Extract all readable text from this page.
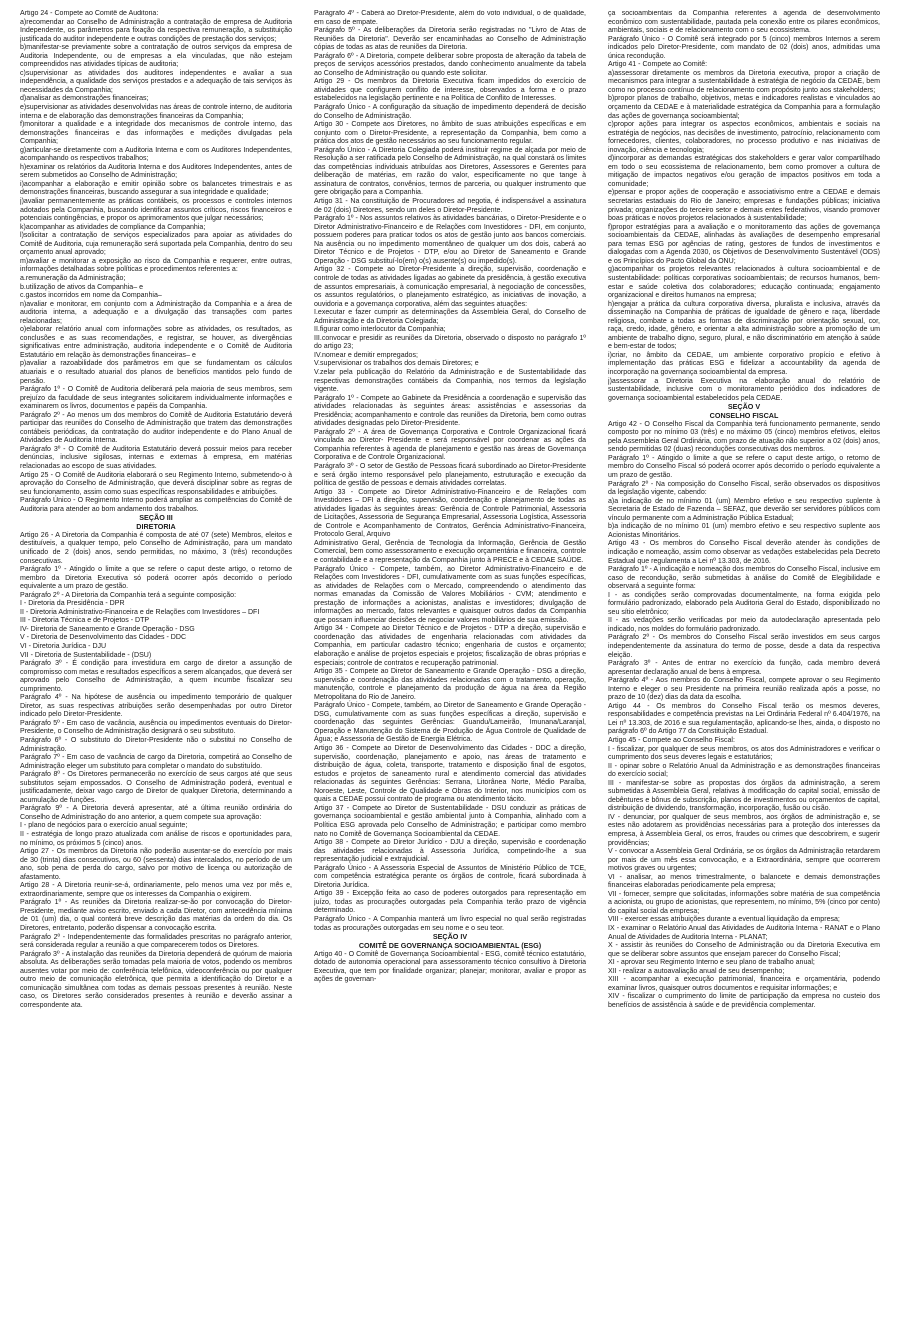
Artigo 24 - Compete ao Comitê de Auditoria:

a)recomendar ao Conselho de Administração a contratação de empresa de Auditoria Independente, os parâmetros para fixação da respectiva remuneração, a substituição justificada do auditor independente e outras condições de prestação dos serviços;

b)manifestar-se previamente sobre a contratação de outros serviços da empresa de Auditoria Independente, ou de empresas a ela vinculadas, que não estejam compreendidos nas atividades típicas de auditoria;

c)supervisionar as atividades dos auditores independentes e avaliar a sua independência, a qualidade dos serviços prestados e a adequação de tais serviços às necessidades da Companhia;

d)analisar as demonstrações financeiras;

e)supervisionar as atividades desenvolvidas nas áreas de controle interno, de auditoria interna e de elaboração das demonstrações financeiras da Companhia;

f)monitorar a qualidade e a integridade dos mecanismos de controle interno, das demonstrações financeiras e das informações e medições divulgadas pela Companhia;

g)articular-se diretamente com a Auditoria Interna e com os Auditores Independentes, acompanhando os respectivos trabalhos;

h)examinar os relatórios da Auditoria Interna e dos Auditores Independentes, antes de serem submetidos ao Conselho de Administração;

i)acompanhar a elaboração e emitir opinião sobre os balancetes trimestrais e as demonstrações financeiras, buscando assegurar a sua integridade e qualidade;

j)avaliar permanentemente as práticas contábeis, os processos e controles internos adotados pela Companhia, buscando identificar assuntos críticos, riscos financeiros e potenciais contingências, e propor os aprimoramentos que julgar necessários;

k)acompanhar as atividades de compliance da Companhia;

l)solicitar a contratação de serviços especializados para apoiar as atividades do Comitê de Auditoria, cuja remuneração será suportada pela Companhia, dentro do seu orçamento anual aprovado;

m)avaliar e monitorar a exposição ao risco da Companhia e requerer, entre outras, informações detalhadas sobre políticas e procedimentos referentes a:

a.remuneração da Administração;

b.utilização de ativos da Companhia– e

c.gastos incorridos em nome da Companhia–

n)avaliar e monitorar, em conjunto com a Administração da Companhia e a área de auditoria interna, a adequação e a divulgação das transações com partes relacionadas;

o)elaborar relatório anual com informações sobre as atividades, os resultados, as conclusões e as suas recomendações, e registrar, se houver, as divergências significativas entre administração, auditoria independente e o Comitê de Auditoria Estatutário em relação às demonstrações financeiras– e

p)avaliar a razoabilidade dos parâmetros em que se fundamentam os cálculos atuariais e o resultado atuarial dos planos de benefícios mantidos pelo fundo de pensão.

Parágrafo 1º - O Comitê de Auditoria deliberará pela maioria de seus membros, sem prejuízo da faculdade de seus integrantes solicitarem individualmente informações e examinarem os livros, documentos e papéis da Companhia.

Parágrafo 2º - Ao menos um dos membros do Comitê de Auditoria Estatutário deverá participar das reuniões do Conselho de Administração que tratem das demonstrações contábeis periódicas, da contratação do auditor independente e do Plano Anual de Atividades de Auditoria Interna.

Parágrafo 3º - O Comitê de Auditoria Estatutário deverá possuir meios para receber denúncias, inclusive sigilosas, internas e externas à empresa, em matérias relacionadas ao escopo de suas atividades.

Artigo 25 - O Comitê de Auditoria elaborará o seu Regimento Interno, submetendo-o à aprovação do Conselho de Administração, que deverá disciplinar sobre as regras de seu funcionamento, assim como suas específicas responsabilidades e atribuições.

Parágrafo Único - O Regimento Interno poderá ampliar as competências do Comitê de Auditoria para atender ao bom andamento dos trabalhos.

SEÇÃO III
DIRETORIA

Artigo 26 - A Diretoria da Companhia é composta de até 07 (sete) Membros, eleitos e destituíveis, a qualquer tempo, pelo Conselho de Administração, para um mandato unificado de 2 (dois) anos, sendo permitidas, no máximo, 3 (três) reconduções consecutivas.

Parágrafo 1º - Atingido o limite a que se refere o caput deste artigo, o retorno de membro da Diretoria Executiva só poderá ocorrer após decorrido o período equivalente a um prazo de gestão.

Parágrafo 2º - A Diretoria da Companhia terá a seguinte composição:

I - Diretoria da Presidência - DPR

II - Diretoria Administrativo-Financeira e de Relações com Investidores – DFI

III - Diretoria Técnica e de Projetos - DTP

IV- Diretoria de Saneamento e Grande Operação - DSG

V - Diretoria de Desenvolvimento das Cidades - DDC

VI - Diretoria Jurídica - DJU

VII - Diretoria de Sustentabilidade - (DSU)

Parágrafo 3º - É condição para investidura em cargo de diretor a assunção de compromisso com metas e resultados específicos a serem alcançados, que deverá ser aprovado pelo Conselho de Administração, a quem incumbe fiscalizar seu cumprimento.

Parágrafo 4º - Na hipótese de ausência ou impedimento temporário de qualquer Diretor, as suas respectivas atribuições serão desempenhadas por outro Diretor indicado pelo Diretor-Presidente.

Parágrafo 5º - Em caso de vacância, ausência ou impedimentos eventuais do Diretor-Presidente, o Conselho de Administração designará o seu substituto.

Parágrafo 6º - O substituto do Diretor-Presidente não o substitui no Conselho de Administração.

Parágrafo 7º - Em caso de vacância de cargo da Diretoria, competirá ao Conselho de Administração eleger um substituto para completar o mandato do substituído.

Parágrafo 8º - Os Diretores permanecerão no exercício de seus cargos até que seus substitutos sejam empossados. O Conselho de Administração poderá, eventual e justificadamente, deixar vago cargo de Diretor de qualquer Diretoria, determinando a acumulação de funções.

Parágrafo 9º - A Diretoria deverá apresentar, até a última reunião ordinária do Conselho de Administração do ano anterior, a quem compete sua aprovação:

I - plano de negócios para o exercício anual seguinte;

II - estratégia de longo prazo atualizada com análise de riscos e oportunidades para, no mínimo, os próximos 5 (cinco) anos.

Artigo 27 - Os membros da Diretoria não poderão ausentar-se do exercício por mais de 30 (trinta) dias consecutivos, ou 60 (sessenta) dias intercalados, no período de um ano, sob pena de perda do cargo, salvo por motivo de licença ou autorização de afastamento.

Artigo 28 - A Diretoria reunir-se-á, ordinariamente, pelo menos uma vez por mês e, extraordinariamente, sempre que os interesses da Companhia o exigirem.

Parágrafo 1º - As reuniões da Diretoria realizar-se-ão por convocação do Diretor-Presidente, mediante aviso escrito, enviado a cada Diretor, com antecedência mínima de 01 (um) dia, o qual conterá breve descrição das matérias da ordem do dia. Os Diretores, entretanto, poderão dispensar a convocação escrita.

Parágrafo 2º - Independentemente das formalidades prescritas no parágrafo anterior, será considerada regular a reunião a que comparecerem todos os Diretores.

Parágrafo 3º - A instalação das reuniões da Diretoria dependerá de quórum de maioria absoluta. As deliberações serão tomadas pela maioria de votos, podendo os membros ausentes votar por meio de: conferência telefônica, videoconferência ou por qualquer outro meio de comunicação eletrônica, que permita a identificação do Diretor e a comunicação simultânea com todas as demais pessoas presentes à reunião. Neste caso, os Diretores serão considerados presentes à reunião e deverão assinar a correspondente ata.

Parágrafo 4º - Caberá ao Diretor-Presidente, além do voto individual, o de qualidade, em caso de empate.

Parágrafo 5º - As deliberações da Diretoria serão registradas no "Livro de Atas de Reuniões da Diretoria". Deverão ser encaminhadas ao Conselho de Administração cópias de todas as atas de reuniões da Diretoria.

Parágrafo 6º - A Diretoria, compete deliberar sobre proposta de alteração da tabela de preços de serviços acessórios prestados, dando conhecimento anualmente da tabela ao Conselho de Administração ou quando este solicitar.

Artigo 29 - Os membros da Diretoria Executiva ficam impedidos do exercício de atividades que configurem conflito de interesse, observados a forma e o prazo estabelecidos na legislação pertinente e na Política de Conflito de Interesses.

Parágrafo Único - A configuração da situação de impedimento dependerá de decisão do Conselho de Administração.

Artigo 30 - Compete aos Diretores, no âmbito de suas atribuições específicas e em conjunto com o Diretor-Presidente, a representação da Companhia, bem como a prática dos atos de gestão necessários ao seu funcionamento regular.

Parágrafo Único - A Diretoria Colegiada poderá instituir regime de alçada por meio de Resolução a ser ratificada pelo Conselho de Administração, na qual constará os limites das competências individuais atribuídas aos Diretores, Assessores e Gerentes para deliberação de matérias, em razão do valor, especificamente no que tange à assinatura de contratos, convênios, termos de parceria, ou qualquer instrumento que gere obrigação para a Companhia.

Artigo 31 - Na constituição de Procuradores ad negotia, é indispensável a assinatura de 02 (dois) Diretores, sendo um deles o Diretor-Presidente.

Parágrafo 1º - Nos assuntos relativos às atividades bancárias, o Diretor-Presidente e o Diretor Administrativo-Financeiro e de Relações com Investidores - DFI, em conjunto, possuem poderes para praticar todos os atos de gestão junto aos bancos comerciais. Na ausência ou no impedimento momentâneo de qualquer um dos dois, caberá ao Diretor Técnico e de Projetos - DTP, e/ou ao Diretor de Saneamento e Grande Operação - DSG substituí-lo(em) o(s) ausente(s) ou impedido(s).

Artigo 32 - Compete ao Diretor-Presidente a direção, supervisão, coordenação e controle de todas as atividades ligadas ao gabinete da presidência, à gestão executiva de assuntos empresariais, à comunicação empresarial, à negociação de concessões, os assuntos regulatórios, o planejamento estratégico, as iniciativas de inovação, a ouvidoria e a governança corporativa, além das seguintes atuações:

I.executar e fazer cumprir as determinações da Assembleia Geral, do Conselho de Administração e da Diretoria Colegiada;

II.figurar como interlocutor da Companhia;

III.convocar e presidir as reuniões da Diretoria, observado o disposto no parágrafo 1º do artigo 23;

IV.nomear e demitir empregados;

V.supervisionar os trabalhos dos demais Diretores; e

V.zelar pela publicação do Relatório da Administração e de Sustentabilidade das respectivas demonstrações contábeis da Companhia, nos termos da legislação vigente.

Parágrafo 1º - Compete ao Gabinete da Presidência a coordenação e supervisão das atividades relacionadas às seguintes áreas: assistências e assessorias da Presidência; acompanhamento e controle das reuniões da Diretoria, bem como outras atividades designadas pelo Diretor-Presidente.

Parágrafo 2º - A área de Governança Corporativa e Controle Organizacional ficará vinculada ao Diretor- Presidente e será responsável por coordenar as ações da Companhia referentes à agenda de planejamento e gestão nas áreas de Governança Corporativa e de Controle Organizacional.

Parágrafo 3º - O setor de Gestão de Pessoas ficará subordinado ao Diretor-Presidente e será órgão interno responsável pelo planejamento, estruturação e execução da política de gestão de pessoas e demais atividades correlatas.

Artigo 33 - Compete ao Diretor Administrativo-Financeiro e de Relações com Investidores – DFI a direção, supervisão, coordenação e planejamento de todas as atividades ligadas às seguintes áreas: Gerência de Controle Patrimonial, Assessoria de Licitações, Assessoria de Segurança Empresarial, Assessoria Logística, Assessoria de Controle e Acompanhamento de Contratos, Gerência Administrativo-Financeira, Protocolo Geral, Arquivo

Administrativo Geral, Gerência de Tecnologia da Informação, Gerência de Gestão Comercial, bem como assessoramento e execução orçamentária e financeira, controle e contabilidade e a representação da Companhia junto à PRECE e à CEDAE SAÚDE.

Parágrafo Único - Compete, também, ao Diretor Administrativo-Financeiro e de Relações com Investidores - DFI, cumulativamente com as suas funções específicas, as atividades de Relações com o Mercado, compreendendo o atendimento das normas emanadas da Comissão de Valores Mobiliários - CVM; atendimento e prestação de informações a acionistas, analistas e investidores; divulgação de informações ao mercado, fatos relevantes e quaisquer outros dados da Companhia que possam influenciar decisões de negociar valores mobiliários de sua emissão.

Artigo 34 - Compete ao Diretor Técnico e de Projetos - DTP a direção, supervisão e coordenação das atividades de engenharia relacionadas com atividades da Companhia, em particular cadastro técnico; engenharia de custos e orçamento; elaboração e análise de projetos especiais e projetos; fiscalização de obras próprias e especiais; controle de contratos e recuperação patrimonial.

Artigo 35 - Compete ao Diretor de Saneamento e Grande Operação - DSG a direção, supervisão e coordenação das atividades relacionadas com o tratamento, operação, manutenção, controle e planejamento da produção de água na área da Região Metropolitana do Rio de Janeiro.

Parágrafo Único - Compete, também, ao Diretor de Saneamento e Grande Operação - DSG, cumulativamente com as suas funções específicas a direção, supervisão e coordenação das seguintes Gerências: Guandu/Lameirão, Imunana/Laranjal, Operação e Manutenção do Sistema de Produção de Água Controle de Qualidade de Água; e Assessoria de Gestão de Energia Elétrica.

Artigo 36 - Compete ao Diretor de Desenvolvimento das Cidades - DDC a direção, supervisão, coordenação, planejamento e apoio, nas áreas de tratamento e distribuição de água, coleta, transporte, tratamento e disposição final de esgotos, estudos e projetos de saneamento rural e atendimento comercial das atividades relacionadas às seguintes Gerências: Serrana, Litorânea Norte, Médio Paraíba, Noroeste, Leste, Controle de Qualidade e Obras do Interior, nos municípios com os quais a CEDAE possui contrato de programa ou atendimento tácito.

Artigo 37 - Compete ao Diretor de Sustentabilidade - DSU conduzir as práticas de governança socioambiental e gestão ambiental junto à Companhia, alinhado com a Política ESG aprovada pelo Conselho de Administração; e participar como membro nato no Comitê de Governança Socioambiental da CEDAE.

Artigo 38 - Compete ao Diretor Jurídico - DJU a direção, supervisão e coordenação das atividades relacionadas à Assessoria Jurídica, competindo-lhe a sua representação judicial e extrajudicial.

Parágrafo Único - A Assessoria Especial de Assuntos de Ministério Público de TCE, com competência estratégica perante os órgãos de controle, ficará subordinada à Diretoria Jurídica.

Artigo 39 - Excepção feita ao caso de poderes outorgados para representação em juízo, todas as procurações outorgadas pela Companhia terão prazo de vigência determinado.

Parágrafo Único - A Companhia manterá um livro especial no qual serão registradas todas as procurações outorgadas em seu nome e o seu teor.

SEÇÃO IV
COMITÊ DE GOVERNANÇA SOCIOAMBIENTAL (ESG)

Artigo 40 - O Comitê de Governança Socioambiental - ESG, comitê técnico estatutário, dotado de autonomia operacional para assessoramento técnico consultivo à Diretoria Executiva, que tem por finalidade organizar; planejar; monitorar, avaliar e propor as ações de governan-

ça socioambientais da Companhia referentes à agenda de desenvolvimento econômico com sustentabilidade, pautada pela conexão entre os pilares econômicos, ambientais, sociais e de relacionamento com o seu ecossistema.

Parágrafo Único - O Comitê será integrado por 5 (cinco) membros Internos a serem indicados pelo Diretor-Presidente, com mandato de 02 (dois) anos, admitidas uma única recondução.

Artigo 41 - Compete ao Comitê:

a)assessorar diretamente os membros da Diretoria executiva, propor a criação de mecanismos para integrar a sustentabilidade à estratégia de negócio da CEDAE, bem como no processo contínuo de relacionamento com propósito junto aos stakeholders;

b)propor planos de trabalho, objetivos, metas e indicadores realistas e vinculados ao orçamento da CEDAE e à materialidade estratégica da Companhia para a formulação das ações de governança socioambiental;

c)propor ações para integrar os aspectos econômicos, ambientais e sociais na estratégia de negócios, nas decisões de investimento, patrocínio, relacionamento com fornecedores, clientes, colaboradores, no processo produtivo e nas iniciativas de inovação, ciência e tecnologia;

d)incorporar as demandas estratégicas dos stakeholders e gerar valor compartilhado em todo o seu ecossistema de relacionamento, bem como promover a cultura de mitigação de impactos negativos e/ou geração de impactos positivos em toda a comunidade;

e)pensar e propor ações de cooperação e associativismo entre a CEDAE e demais secretarias estaduais do Rio de Janeiro; empresas e fundações públicas; iniciativa privada; organizações do terceiro setor e demais entes federativos, visando promover boas práticas e novos projetos relacionados à sustentabilidade;

f)propor estratégias para a avaliação e o monitoramento das ações de governança socioambientais da CEDAE, alinhadas às avaliações de desempenho empresarial para temas ESG por agências de rating, gestores de fundos de investimentos e dialogadas com a Agenda 2030, os Objetivos de Desenvolvimento Sustentável (ODS) e os Princípios do Pacto Global da ONU;

g)acompanhar os projetos relevantes relacionados à cultura socioambiental e de sustentabilidade: políticas corporativas socioambientais; de recursos humanos, bem-estar e saúde coletiva dos colaboradores; educação continuada; engajamento organizacional e direitos humanos na empresa;

h)engajar a prática da cultura corporativa diversa, pluralista e inclusiva, através da disseminação na Companhia de práticas de igualdade de gênero e raça, liberdade religiosa, combate a todas as formas de discriminação por orientação sexual, cor, raça, credo, idade, gênero, e orientar a alta administração sobre a promoção de um ambiente de trabalho digno, seguro, plural, e não discriminatório em atenção à saúde e bem-estar de todos;

i)criar, no âmbito da CEDAE, um ambiente corporativo propício e efetivo à implementação das práticas ESG e fidelizar a accountability da agenda de incorporação na governança socioambiental da empresa.

j)assessorar a Diretoria Executiva na elaboração anual do relatório de sustentabilidade, inclusive com o monitoramento periódico dos indicadores de governança socioambiental estabelecidos pela CEDAE.

SEÇÃO V
CONSELHO FISCAL

Artigo 42 - O Conselho Fiscal da Companhia terá funcionamento permanente, sendo composto por no mínimo 03 (três) e no máximo 05 (cinco) membros efetivos, eleitos pela Assembleia Geral Ordinária, com prazo de atuação não superior a 02 (dois) anos, sendo permitidas 02 (duas) reconduções consecutivas dos membros.

Parágrafo 1º - Atingido o limite a que se refere o caput deste artigo, o retorno de membro do Conselho Fiscal só poderá ocorrer após decorrido o período equivalente a um prazo de gestão.

Parágrafo 2º - Na composição do Conselho Fiscal, serão observados os dispositivos da legislação vigente, cabendo:

a)a indicação de no mínimo 01 (um) Membro efetivo e seu respectivo suplente à Secretaria de Estado de Fazenda – SEFAZ, que deverão ser servidores públicos com vínculo permanente com a Administração Pública Estadual;

b)a indicação de no mínimo 01 (um) membro efetivo e seu respectivo suplente aos Acionistas Minoritários.

Artigo 43 - Os membros do Conselho Fiscal deverão atender às condições de indicação e nomeação, assim como observar as vedações estabelecidas pela Decreto Estadual que regulamenta a Lei nº 13.303, de 2016.

Parágrafo 1º - A indicação e nomeação dos membros do Conselho Fiscal, inclusive em caso de recondução, serão submetidas à análise do Comitê de Elegibilidade e observará a seguinte forma:

I - as condições serão comprovadas documentalmente, na forma exigida pelo formulário padronizado, elaborado pela Auditoria Geral do Estado, disponibilizado no seu sítio eletrônico;

II - as vedações serão verificadas por meio da autodeclaração apresentada pelo indicado, nos moldes do formulário padronizado.

Parágrafo 2º - Os membros do Conselho Fiscal serão investidos em seus cargos independentemente da assinatura do termo de posse, desde a data da respectiva eleição.

Parágrafo 3º - Antes de entrar no exercício da função, cada membro deverá apresentar declaração anual de bens à empresa.

Parágrafo 4º - Aos membros do Conselho Fiscal, compete aprovar o seu Regimento Interno e eleger o seu Presidente na primeira reunião realizada após a posse, no prazo de 10 (dez) dias da data da escolha.

Artigo 44 - Os membros do Conselho Fiscal terão os mesmos deveres, responsabilidades e competência previstas na Lei Ordinária Federal nº 6.404/1976, na Lei nº 13.303, de 2016 e sua regulamentação, aplicando-se lhes, ainda, o disposto no parágrafo 6º do Artigo 77 da Constituição Estadual.

Artigo 45 - Compete ao Conselho Fiscal:

I - fiscalizar, por qualquer de seus membros, os atos dos Administradores e verificar o cumprimento dos seus deveres legais e estatutários;

II - opinar sobre o Relatório Anual da Administração e as demonstrações financeiras do exercício social;

III - manifestar-se sobre as propostas dos órgãos da administração, a serem submetidas à Assembleia Geral, relativas à modificação do capital social, emissão de debêntures e bônus de subscrição, planos de investimentos ou orçamentos de capital, distribuição de dividendo, transformação, incorporação, fusão ou cisão.

IV - denunciar, por qualquer de seus membros, aos órgãos de administração e, se estes não adotarem as providências necessárias para a proteção dos interesses da empresa, à Assembleia Geral, os erros, fraudes ou crimes que descobrirem, e sugerir providências;

V - convocar a Assembleia Geral Ordinária, se os órgãos da Administração retardarem por mais de um mês essa convocação, e a Extraordinária, sempre que ocorrerem motivos graves ou urgentes;

VI - analisar, ao menos trimestralmente, o balancete e demais demonstrações financeiras elaboradas periodicamente pela empresa;

VII - fornecer, sempre que solicitadas, informações sobre matéria de sua competência a acionista, ou grupo de acionistas, que representem, no mínimo, 5% (cinco por cento) do capital social da empresa;

VIII - exercer essas atribuições durante a eventual liquidação da empresa;

IX - examinar o Relatório Anual das Atividades de Auditoria Interna - RANAT e o Plano Anual de Atividades de Auditoria Interna - PLANAT;

X - assistir às reuniões do Conselho de Administração ou da Diretoria Executiva em que se deliberar sobre assuntos que ensejam parecer do Conselho Fiscal;

XI - aprovar seu Regimento Interno e seu plano de trabalho anual;

XII - realizar a autoavaliação anual de seu desempenho;

XIII - acompanhar a execução patrimonial, financeira e orçamentária, podendo examinar livros, quaisquer outros documentos e requisitar informações; e

XIV - fiscalizar o cumprimento do limite de participação da empresa no custeio dos benefícios de assistência à saúde e de previdência complementar.
